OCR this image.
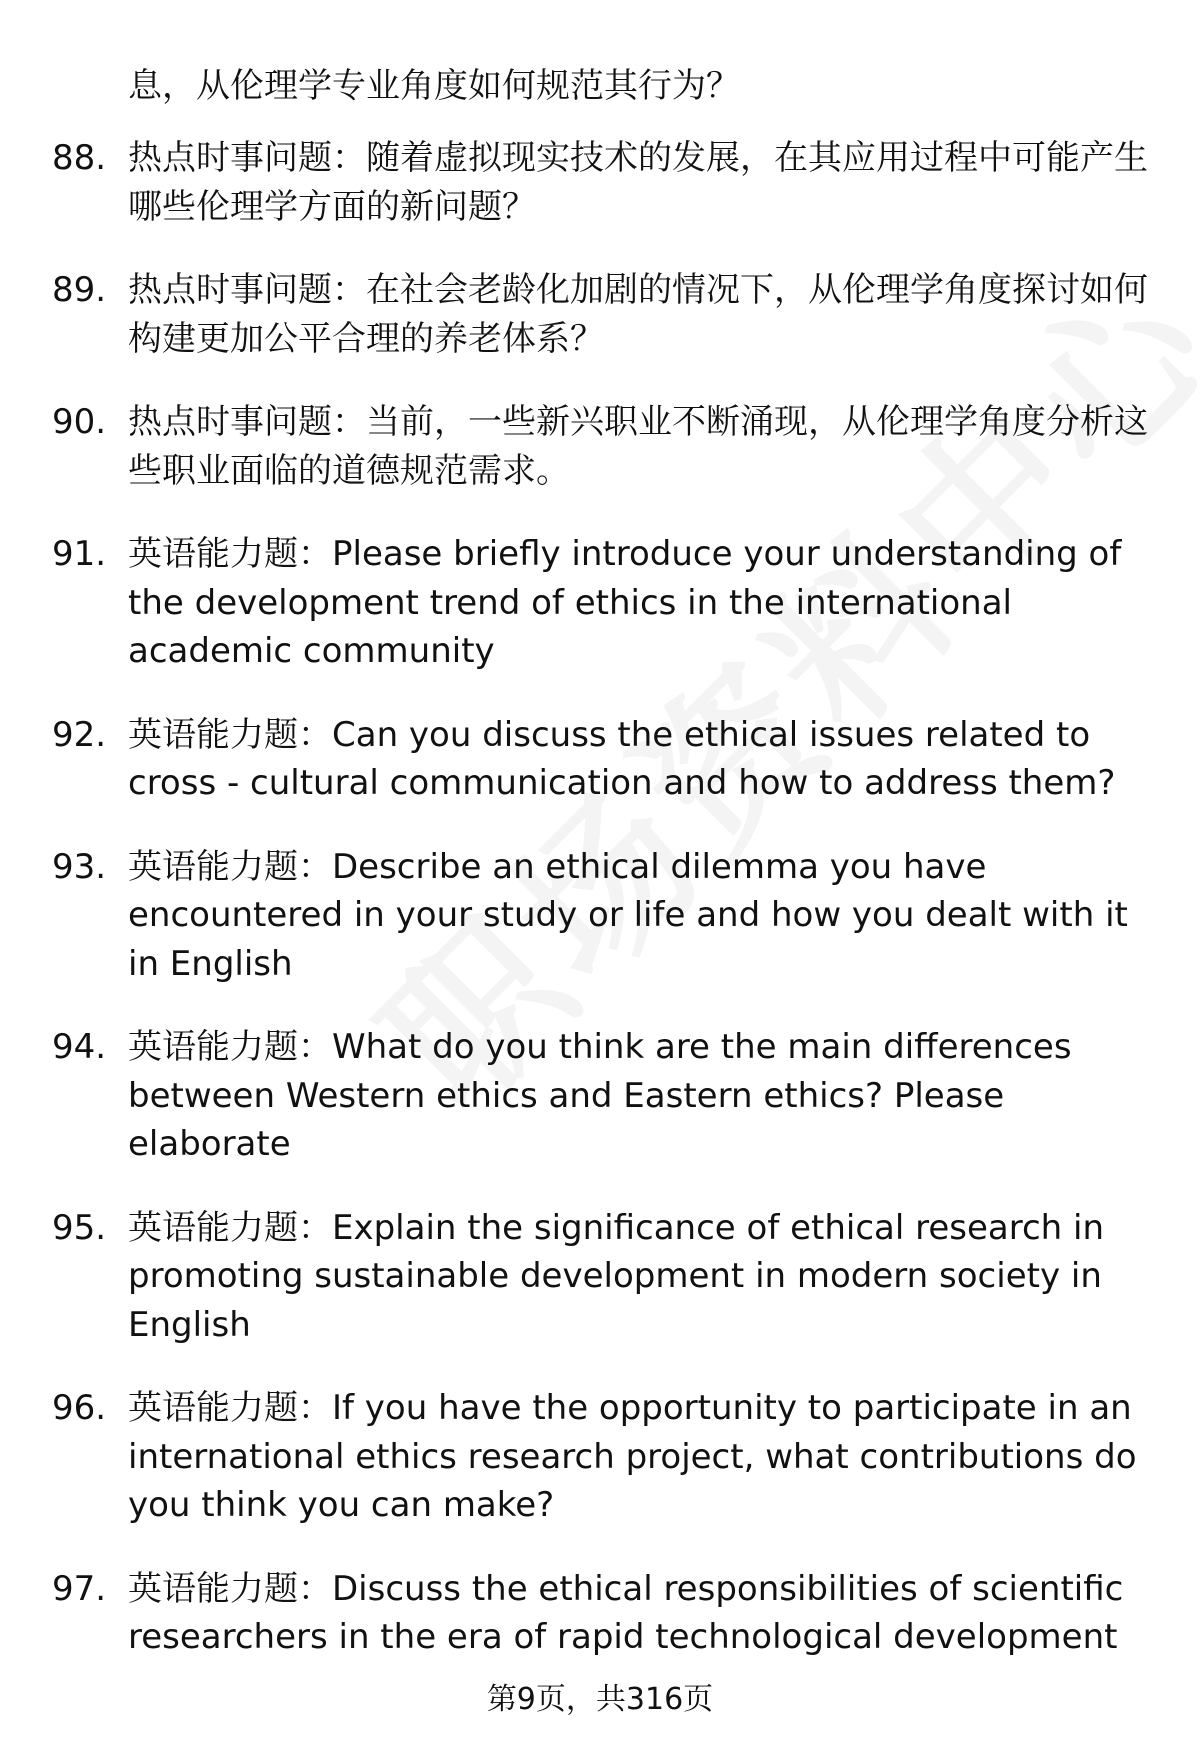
息，从伦理学专业角度如何规范其行为？
88. 热点时事问题：随着虚拟现实技术的发展，在其应用过程中可能产生哪些伦理学方面的新问题？
89. 热点时事问题：在社会老龄化加剧的情况下，从伦理学角度探讨如何构建更加公平合理的养老体系？
90. 热点时事问题：当前，一些新兴职业不断涌现，从伦理学角度分析这些职业面临的道德规范需求。
91. 英语能力题：Please briefly introduce your understanding of the development trend of ethics in the international academic community
92. 英语能力题：Can you discuss the ethical issues related to cross - cultural communication and how to address them?
93. 英语能力题：Describe an ethical dilemma you have encountered in your study or life and how you dealt with it in English
94. 英语能力题：What do you think are the main differences between Western ethics and Eastern ethics? Please elaborate
95. 英语能力题：Explain the significance of ethical research in promoting sustainable development in modern society in English
96. 英语能力题：If you have the opportunity to participate in an international ethics research project, what contributions do you think you can make?
97. 英语能力题：Discuss the ethical responsibilities of scientific researchers in the era of rapid technological development
第9页，共316页
